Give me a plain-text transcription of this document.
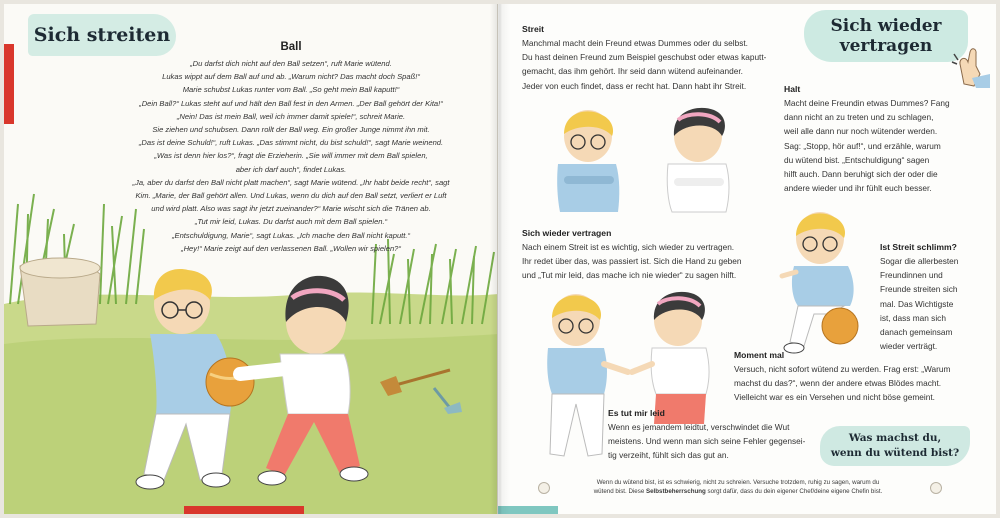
Sich streiten
Ball

„Du darfst dich nicht auf den Ball setzen“, ruft Marie wütend.

Lukas wippt auf dem Ball auf und ab. „Warum nicht? Das macht doch Spaß!“

Marie schubst Lukas runter vom Ball. „So geht mein Ball kaputt!“

„Dein Ball?“ Lukas steht auf und hält den Ball fest in den Armen. „Der Ball gehört der Kita!“

„Nein! Das ist mein Ball, weil ich immer damit spiele!“, schreit Marie.

Sie ziehen und schubsen. Dann rollt der Ball weg. Ein großer Junge nimmt ihn mit.

„Das ist deine Schuld!“, ruft Lukas. „Das stimmt nicht, du bist schuld!“, sagt Marie weinend.

„Was ist denn hier los?“, fragt die Erzieherin. „Sie will immer mit dem Ball spielen,

aber ich darf auch“, findet Lukas.

„Ja, aber du darfst den Ball nicht platt machen“, sagt Marie wütend. „Ihr habt beide recht“, sagt

Kim. „Marie, der Ball gehört allen. Und Lukas, wenn du dich auf den Ball setzt, verliert er Luft

und wird platt. Also was sagt ihr jetzt zueinander?“ Marie wischt sich die Tränen ab.

„Tut mir leid, Lukas. Du darfst auch mit dem Ball spielen.“

„Entschuldigung, Marie“, sagt Lukas. „Ich mache den Ball nicht kaputt.“

„Hey!“ Marie zeigt auf den verlassenen Ball. „Wollen wir spielen?“

Sich wieder
vertragen
Streit
Manchmal macht dein Freund etwas Dummes oder du selbst.
Du hast deinen Freund zum Beispiel geschubst oder etwas kaputt-
gemacht, das ihm gehört. Ihr seid dann wütend aufeinander.
Jeder von euch findet, dass er recht hat. Dann habt ihr Streit.	Halt
Macht deine Freundin etwas Dummes? Fang
dann nicht an zu treten und zu schlagen,
weil alle dann nur noch wütender werden.
Sag: „Stopp, hör auf!“, und erzähle, warum
du wütend bist. „Entschuldigung“ sagen
hilft auch. Dann beruhigt sich der oder die
andere wieder und ihr fühlt euch besser.
Sich wieder vertragen
Nach einem Streit ist es wichtig, sich wieder zu vertragen.
Ihr redet über das, was passiert ist. Sich die Hand zu geben
und „Tut mir leid, das mache ich nie wieder“ zu sagen hilft.
Ist Streit schlimm?
Sogar die allerbesten
Freundinnen und
Freunde streiten sich
mal. Das Wichtigste
ist, dass man sich
danach gemeinsam
wieder verträgt.
Moment mal
Versuch, nicht sofort wütend zu werden. Frag erst: „Warum
machst du das?“, wenn der andere etwas Blödes macht.
Vielleicht war es ein Versehen und nicht böse gemeint.
Es tut mir leid
Wenn es jemandem leidtut, verschwindet die Wut
meistens. Und wenn man sich seine Fehler gegensei-
tig verzeiht, fühlt sich das gut an.
Was machst du,
wenn du wütend bist?
Wenn du wütend bist, ist es schwierig, nicht zu schreien. Versuche trotzdem, ruhig zu sagen, warum du
wütend bist. Diese Selbstbeherrschung sorgt dafür, dass du dein eigener Chef/deine eigene Chefin bist.
